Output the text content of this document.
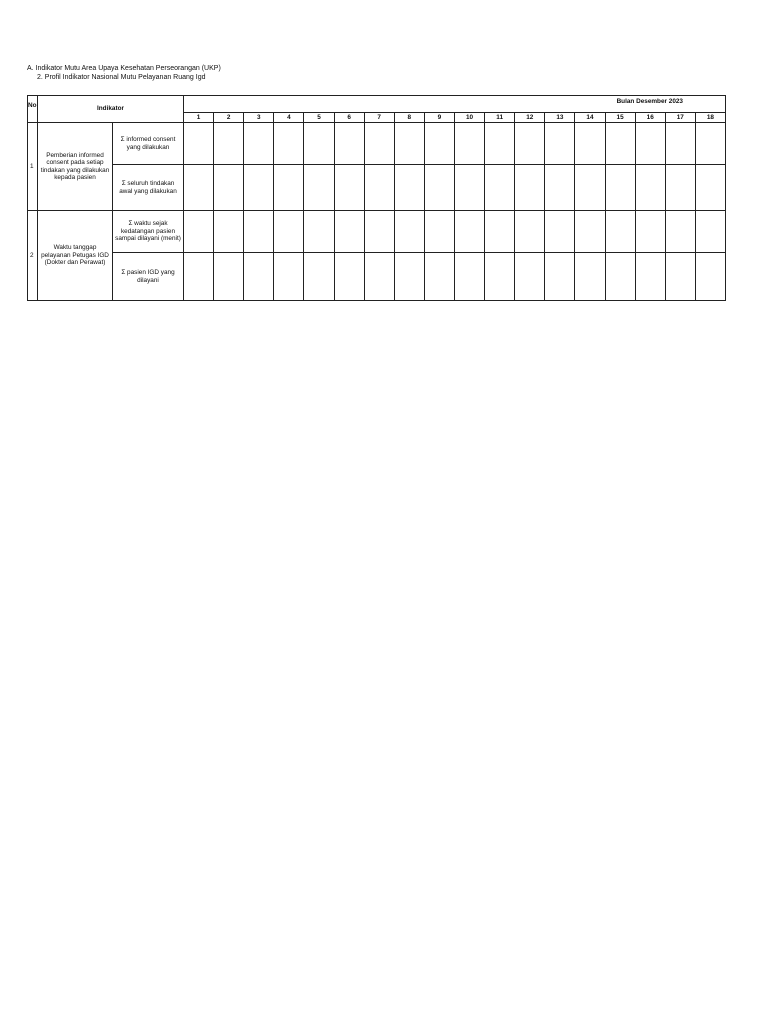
A. Indikator Mutu Area Upaya Kesehatan Perseorangan (UKP)
2. Profil Indikator Nasional Mutu Pelayanan Ruang Igd
No	Indikator		Bulan Desember 2023																	
			1	2	3	4	5	6	7	8	9	10	11	12	13	14	15	16	17	18
1	Pemberian informed consent pada setiap tindakan yang dilakukan kepada pasien	Σ informed consent yang dilakukan																		
		Σ seluruh tindakan awal yang dilakukan																		
2	Waktu tanggap pelayanan Petugas IGD (Dokter dan Perawat)	Σ waktu sejak kedatangan pasien sampai dilayani (menit)																		
		Σ pasien IGD yang dilayani																		
